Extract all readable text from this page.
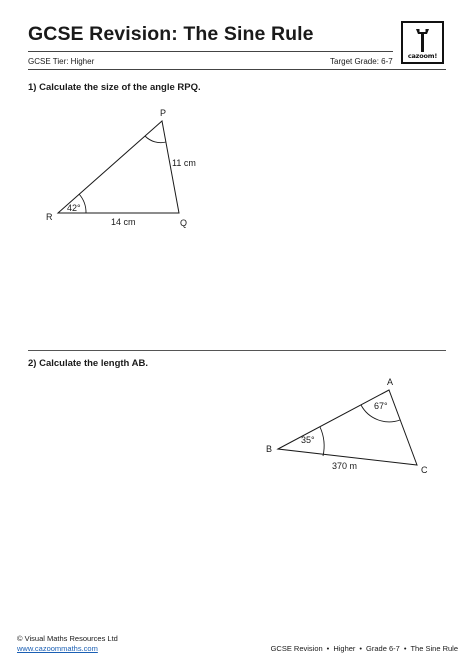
GCSE Revision: The Sine Rule
GCSE Tier: Higher	Target Grade: 6-7
cazoom!
1) Calculate the size of the angle RPQ.
P
R
Q
11 cm
14 cm
42°
A
B
C
67°
35°
370 m
2) Calculate the length AB.
© Visual Maths Resources Ltd
www.cazoommaths.com	GCSE Revision • Higher • Grade 6-7 • The Sine Rule
